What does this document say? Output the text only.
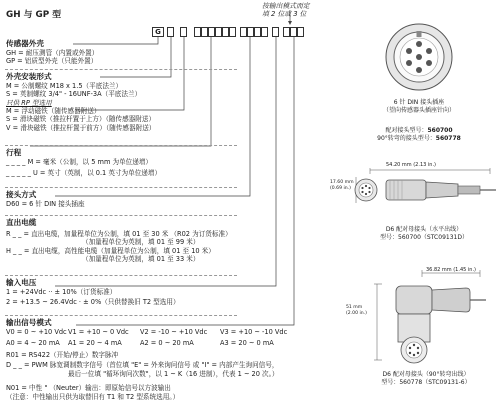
GH 与 GP 型
按输出模式而定
填 2 位或 3 位
G
传感器外壳
GH = 耐压测管（内置或外置）
GP = 铝质型外壳（只能外置）
外壳安装形式
M = 公制螺纹 M18 x 1.5（平底法兰）
S = 英制螺纹 3/4" - 16UNF-3A（平底法兰）
只供 RP 型选用
M = 浮动磁铁（随传感器附送）
S = 滑块磁铁（推拉杆置于上方）（随传感器附送）
V = 滑块磁铁（推拉杆置于前方）（随传感器附送）
行程
_ _ _ _ M = 毫米（公制，以 5 mm 为单位递增）
_ _ _ _ _ U = 英寸（英制，以 0.1 英寸为单位递增）
接头方式
D60 = 6 针 DIN 接头插座
直出电缆
R _ _ = 直出电缆，加量程单位为公制，填 01 至 30 米 （R02 为订货标准）
（加量程单位为英制，填 01 至 99 米）
H _ _ = 直出电缆，高性能电缆（加量程单位为公制，填 01 至 10 米）
（加量程单位为英制，填 01 至 33 米）
输入电压
1 = +24Vdc ·· ± 10%（订货标准）
2 = +13.5 ~ 26.4Vdc · ± 0%（只供替换旧 T2 型选用）
输出信号模式
V0 = 0 ~ +10 Vdc V1 = +10 ~ 0 Vdc	V2 = -10 ~ +10 Vdc	V3 = +10 ~ -10 Vdc
A0 = 4 ~ 20 mA	A1 = 20 ~ 4 mA	A2 = 0 ~ 20 mA	A3 = 20 ~ 0 mA
R01 = RS422（开始/停止）数字脉冲
D _ _ = PWM 脉宽调制数字信号（首位填 "E" = 外来询问信号 或 "I" = 内部产生询问信号，
最后一位填 "循环询问次数"，以 1 ~ K（16 进制），代表 1 ~ 20 次。）
N01 = 中性 " （Neuter）输出：即原始信号以方波输出
（注意：中性输出只供为取替旧有 T1 和 T2 型系统选用。）
6 针 DIN 接头插座
（望向传感器头插座针向）
配对接头型号：560700
90°转弯的接头型号：560778
54.20 mm (2.13 in.)
17.60 mm
(0.69 in.)
D6 配对母接头（水平出线）
型号：560700（STC09131D）
36.82 mm (1.45 in.)
51 mm
(2.00 in.)
D6 配对母接头（90°转弯出线）
型号：560778（STC09131-6）
